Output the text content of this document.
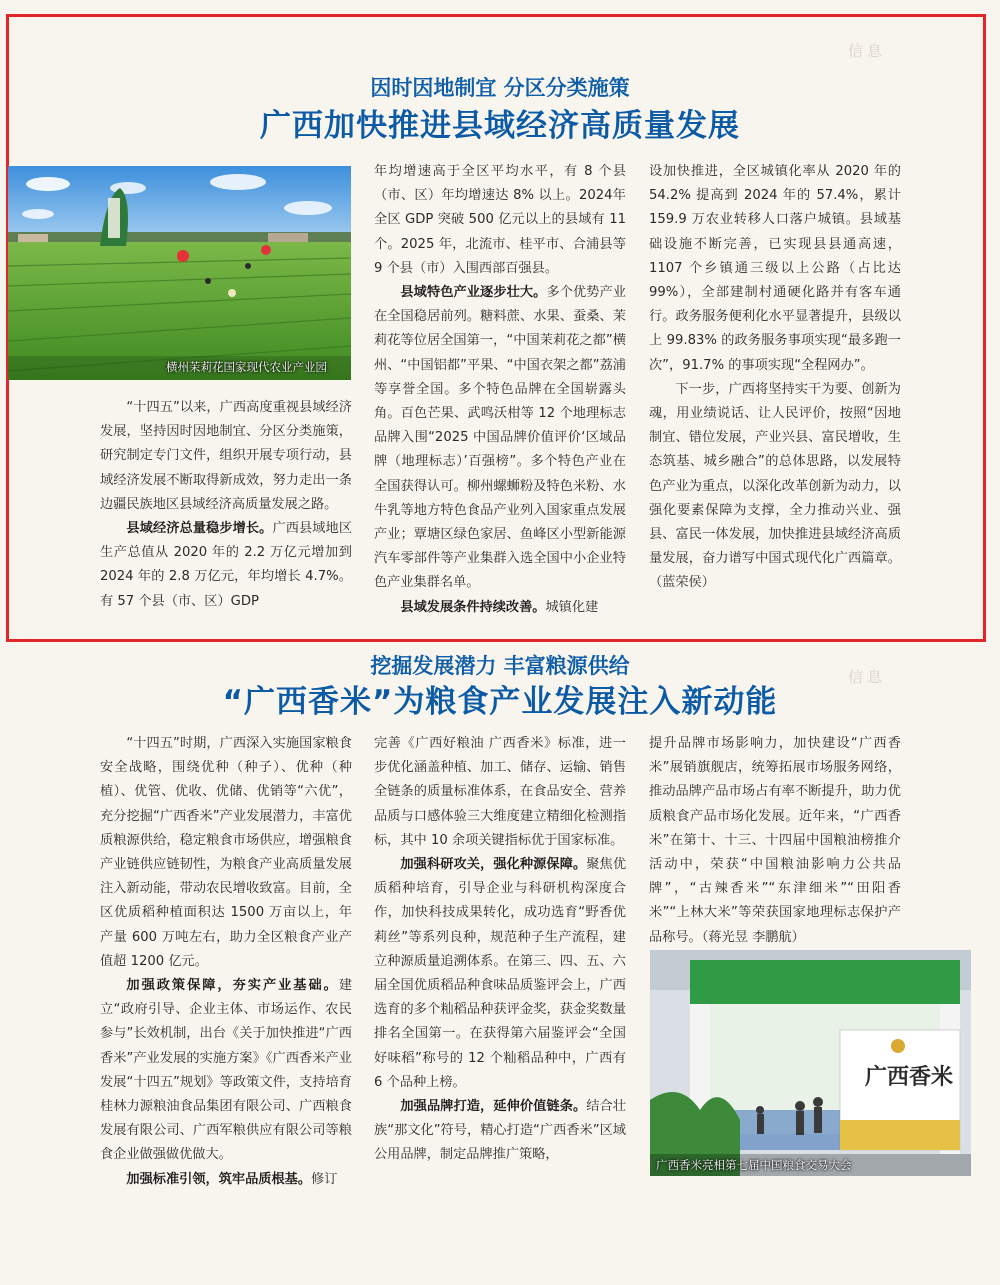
信息
因时因地制宜 分区分类施策
广西加快推进县域经济高质量发展
横州茉莉花国家现代农业产业园

“十四五”以来，广西高度重视县域经济发展，坚持因时因地制宜、分区分类施策，研究制定专门文件，组织开展专项行动，县域经济发展不断取得新成效，努力走出一条边疆民族地区县域经济高质量发展之路。

县域经济总量稳步增长。广西县域地区生产总值从 2020 年的 2.2 万亿元增加到 2024 年的 2.8 万亿元，年均增长 4.7%。有 57 个县（市、区）GDP

年均增速高于全区平均水平，有 8 个县（市、区）年均增速达 8% 以上。2024年全区 GDP 突破 500 亿元以上的县域有 11 个。2025 年，北流市、桂平市、合浦县等 9 个县（市）入围西部百强县。

县域特色产业逐步壮大。多个优势产业在全国稳居前列。糖料蔗、水果、蚕桑、茉莉花等位居全国第一，“中国茉莉花之都”横州、“中国铝都”平果、“中国衣架之都”荔浦等享誉全国。多个特色品牌在全国崭露头角。百色芒果、武鸣沃柑等 12 个地理标志品牌入围“2025 中国品牌价值评价‘区域品牌（地理标志）’百强榜”。多个特色产业在全国获得认可。柳州螺蛳粉及特色米粉、水牛乳等地方特色食品产业列入国家重点发展产业；覃塘区绿色家居、鱼峰区小型新能源汽车零部件等产业集群入选全国中小企业特色产业集群名单。

县域发展条件持续改善。城镇化建

设加快推进，全区城镇化率从 2020 年的 54.2% 提高到 2024 年的 57.4%，累计 159.9 万农业转移人口落户城镇。县域基础设施不断完善，已实现县县通高速，1107 个乡镇通三级以上公路（占比达 99%），全部建制村通硬化路并有客车通行。政务服务便利化水平显著提升，县级以上 99.83% 的政务服务事项实现“最多跑一次”，91.7% 的事项实现“全程网办”。

下一步，广西将坚持实干为要、创新为魂，用业绩说话、让人民评价，按照“因地制宜、错位发展，产业兴县、富民增收，生态筑基、城乡融合”的总体思路，以发展特色产业为重点，以深化改革创新为动力，以强化要素保障为支撑，全力推动兴业、强县、富民一体发展，加快推进县域经济高质量发展，奋力谱写中国式现代化广西篇章。（蓝荣侯）

信息
挖掘发展潜力 丰富粮源供给
“广西香米”为粮食产业发展注入新动能

“十四五”时期，广西深入实施国家粮食安全战略，围绕优种（种子）、优种（种植）、优管、优收、优储、优销等“六优”，充分挖掘“广西香米”产业发展潜力，丰富优质粮源供给，稳定粮食市场供应，增强粮食产业链供应链韧性，为粮食产业高质量发展注入新动能，带动农民增收致富。目前，全区优质稻种植面积达 1500 万亩以上，年产量 600 万吨左右，助力全区粮食产业产值超 1200 亿元。

加强政策保障，夯实产业基础。建立“政府引导、企业主体、市场运作、农民参与”长效机制，出台《关于加快推进“广西香米”产业发展的实施方案》《广西香米产业发展“十四五”规划》等政策文件，支持培育桂林力源粮油食品集团有限公司、广西粮食发展有限公司、广西军粮供应有限公司等粮食企业做强做优做大。

加强标准引领，筑牢品质根基。修订

完善《广西好粮油 广西香米》标准，进一步优化涵盖种植、加工、储存、运输、销售全链条的质量标准体系，在食品安全、营养品质与口感体验三大维度建立精细化检测指标，其中 10 余项关键指标优于国家标准。

加强科研攻关，强化种源保障。聚焦优质稻种培育，引导企业与科研机构深度合作，加快科技成果转化，成功选育“野香优莉丝”等系列良种，规范种子生产流程，建立种源质量追溯体系。在第三、四、五、六届全国优质稻品种食味品质鉴评会上，广西选育的多个籼稻品种获评金奖，获金奖数量排名全国第一。在获得第六届鉴评会“全国好味稻”称号的 12 个籼稻品种中，广西有 6 个品种上榜。

加强品牌打造，延伸价值链条。结合壮族“那文化”符号，精心打造“广西香米”区域公用品牌，制定品牌推广策略，

提升品牌市场影响力，加快建设“广西香米”展销旗舰店，统筹拓展市场服务网络，推动品牌产品市场占有率不断提升，助力优质粮食产品市场化发展。近年来，“广西香米”在第十、十三、十四届中国粮油榜推介活动中，荣获“中国粮油影响力公共品牌”，“古辣香米”“东津细米”“田阳香米”“上林大米”等荣获国家地理标志保护产品称号。（蒋光昱 李鹏航）

广西香米
广西香米亮相第七届中国粮食交易大会
